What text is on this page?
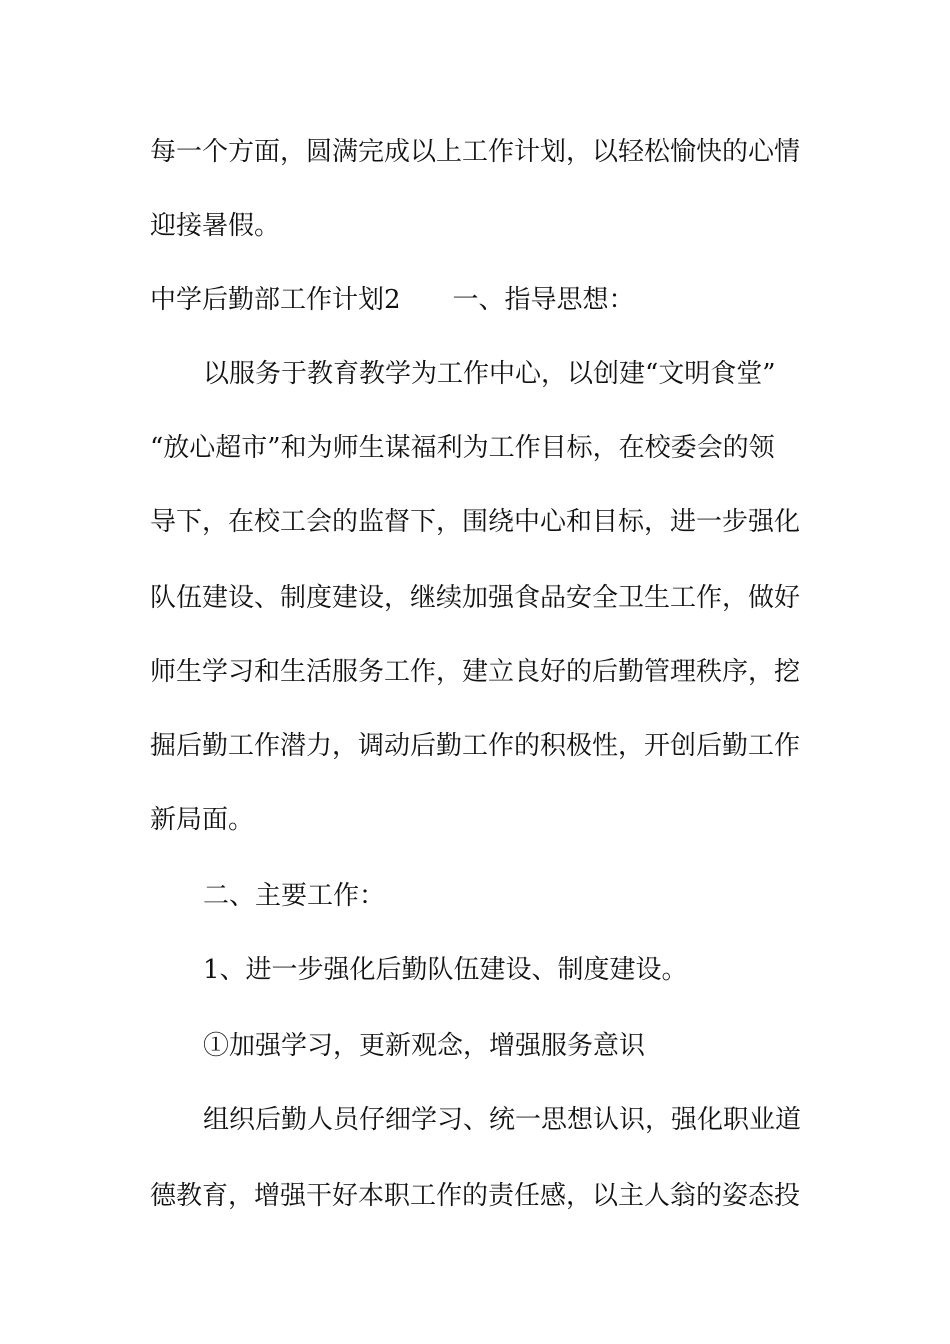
每一个方面，圆满完成以上工作计划，以轻松愉快的心情
迎接暑假。
中学后勤部工作计划2 一、指导思想：
以服务于教育教学为工作中心，以创建“文明食堂”
“放心超市”和为师生谋福利为工作目标，在校委会的领
导下，在校工会的监督下，围绕中心和目标，进一步强化
队伍建设、制度建设，继续加强食品安全卫生工作，做好
师生学习和生活服务工作，建立良好的后勤管理秩序，挖
掘后勤工作潜力，调动后勤工作的积极性，开创后勤工作
新局面。
二、主要工作：
1、进一步强化后勤队伍建设、制度建设。
①加强学习，更新观念，增强服务意识
组织后勤人员仔细学习、统一思想认识，强化职业道
德教育，增强干好本职工作的责任感，以主人翁的姿态投
